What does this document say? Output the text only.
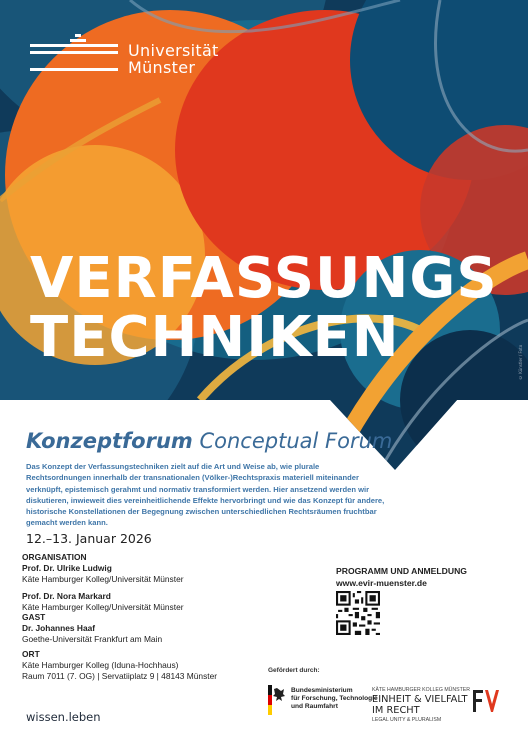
Universität
Münster
VERFASSUNGS
TECHNIKEN	© Künstler / Foto
Konzeptforum Conceptual Forum
Das Konzept der Verfassungstechniken zielt auf die Art und Weise ab, wie plurale Rechtsordnungen innerhalb der transnationalen (Völker-)Rechtspraxis materiell miteinander verknüpft, epistemisch gerahmt und normativ transformiert werden. Hier ansetzend werden wir diskutieren, inwieweit dies vereinheitlichende Effekte hervorbringt und wie das Konzept für andere, historische Konstellationen der Begegnung zwischen unterschiedlichen Rechtsräumen fruchtbar gemacht werden kann.
12.–13. Januar 2026
ORGANISATION
Prof. Dr. Ulrike Ludwig
Käte Hamburger Kolleg/Universität Münster
Prof. Dr. Nora Markard
Käte Hamburger Kolleg/Universität Münster
GAST
Dr. Johannes Haaf
Goethe-Universität Frankfurt am Main
ORT
Käte Hamburger Kolleg (Iduna-Hochhaus)
Raum 7011 (7. OG) | Servatiiplatz 9 | 48143 Münster
PROGRAMM UND ANMELDUNG
www.evir-muenster.de
Gefördert durch:
Bundesministerium
für Forschung, Technologie
und Raumfahrt
KÄTE HAMBURGER KOLLEG MÜNSTER
EINHEIT & VIELFALT
IM RECHT
LEGAL UNITY & PLURALISM
wissen.leben
